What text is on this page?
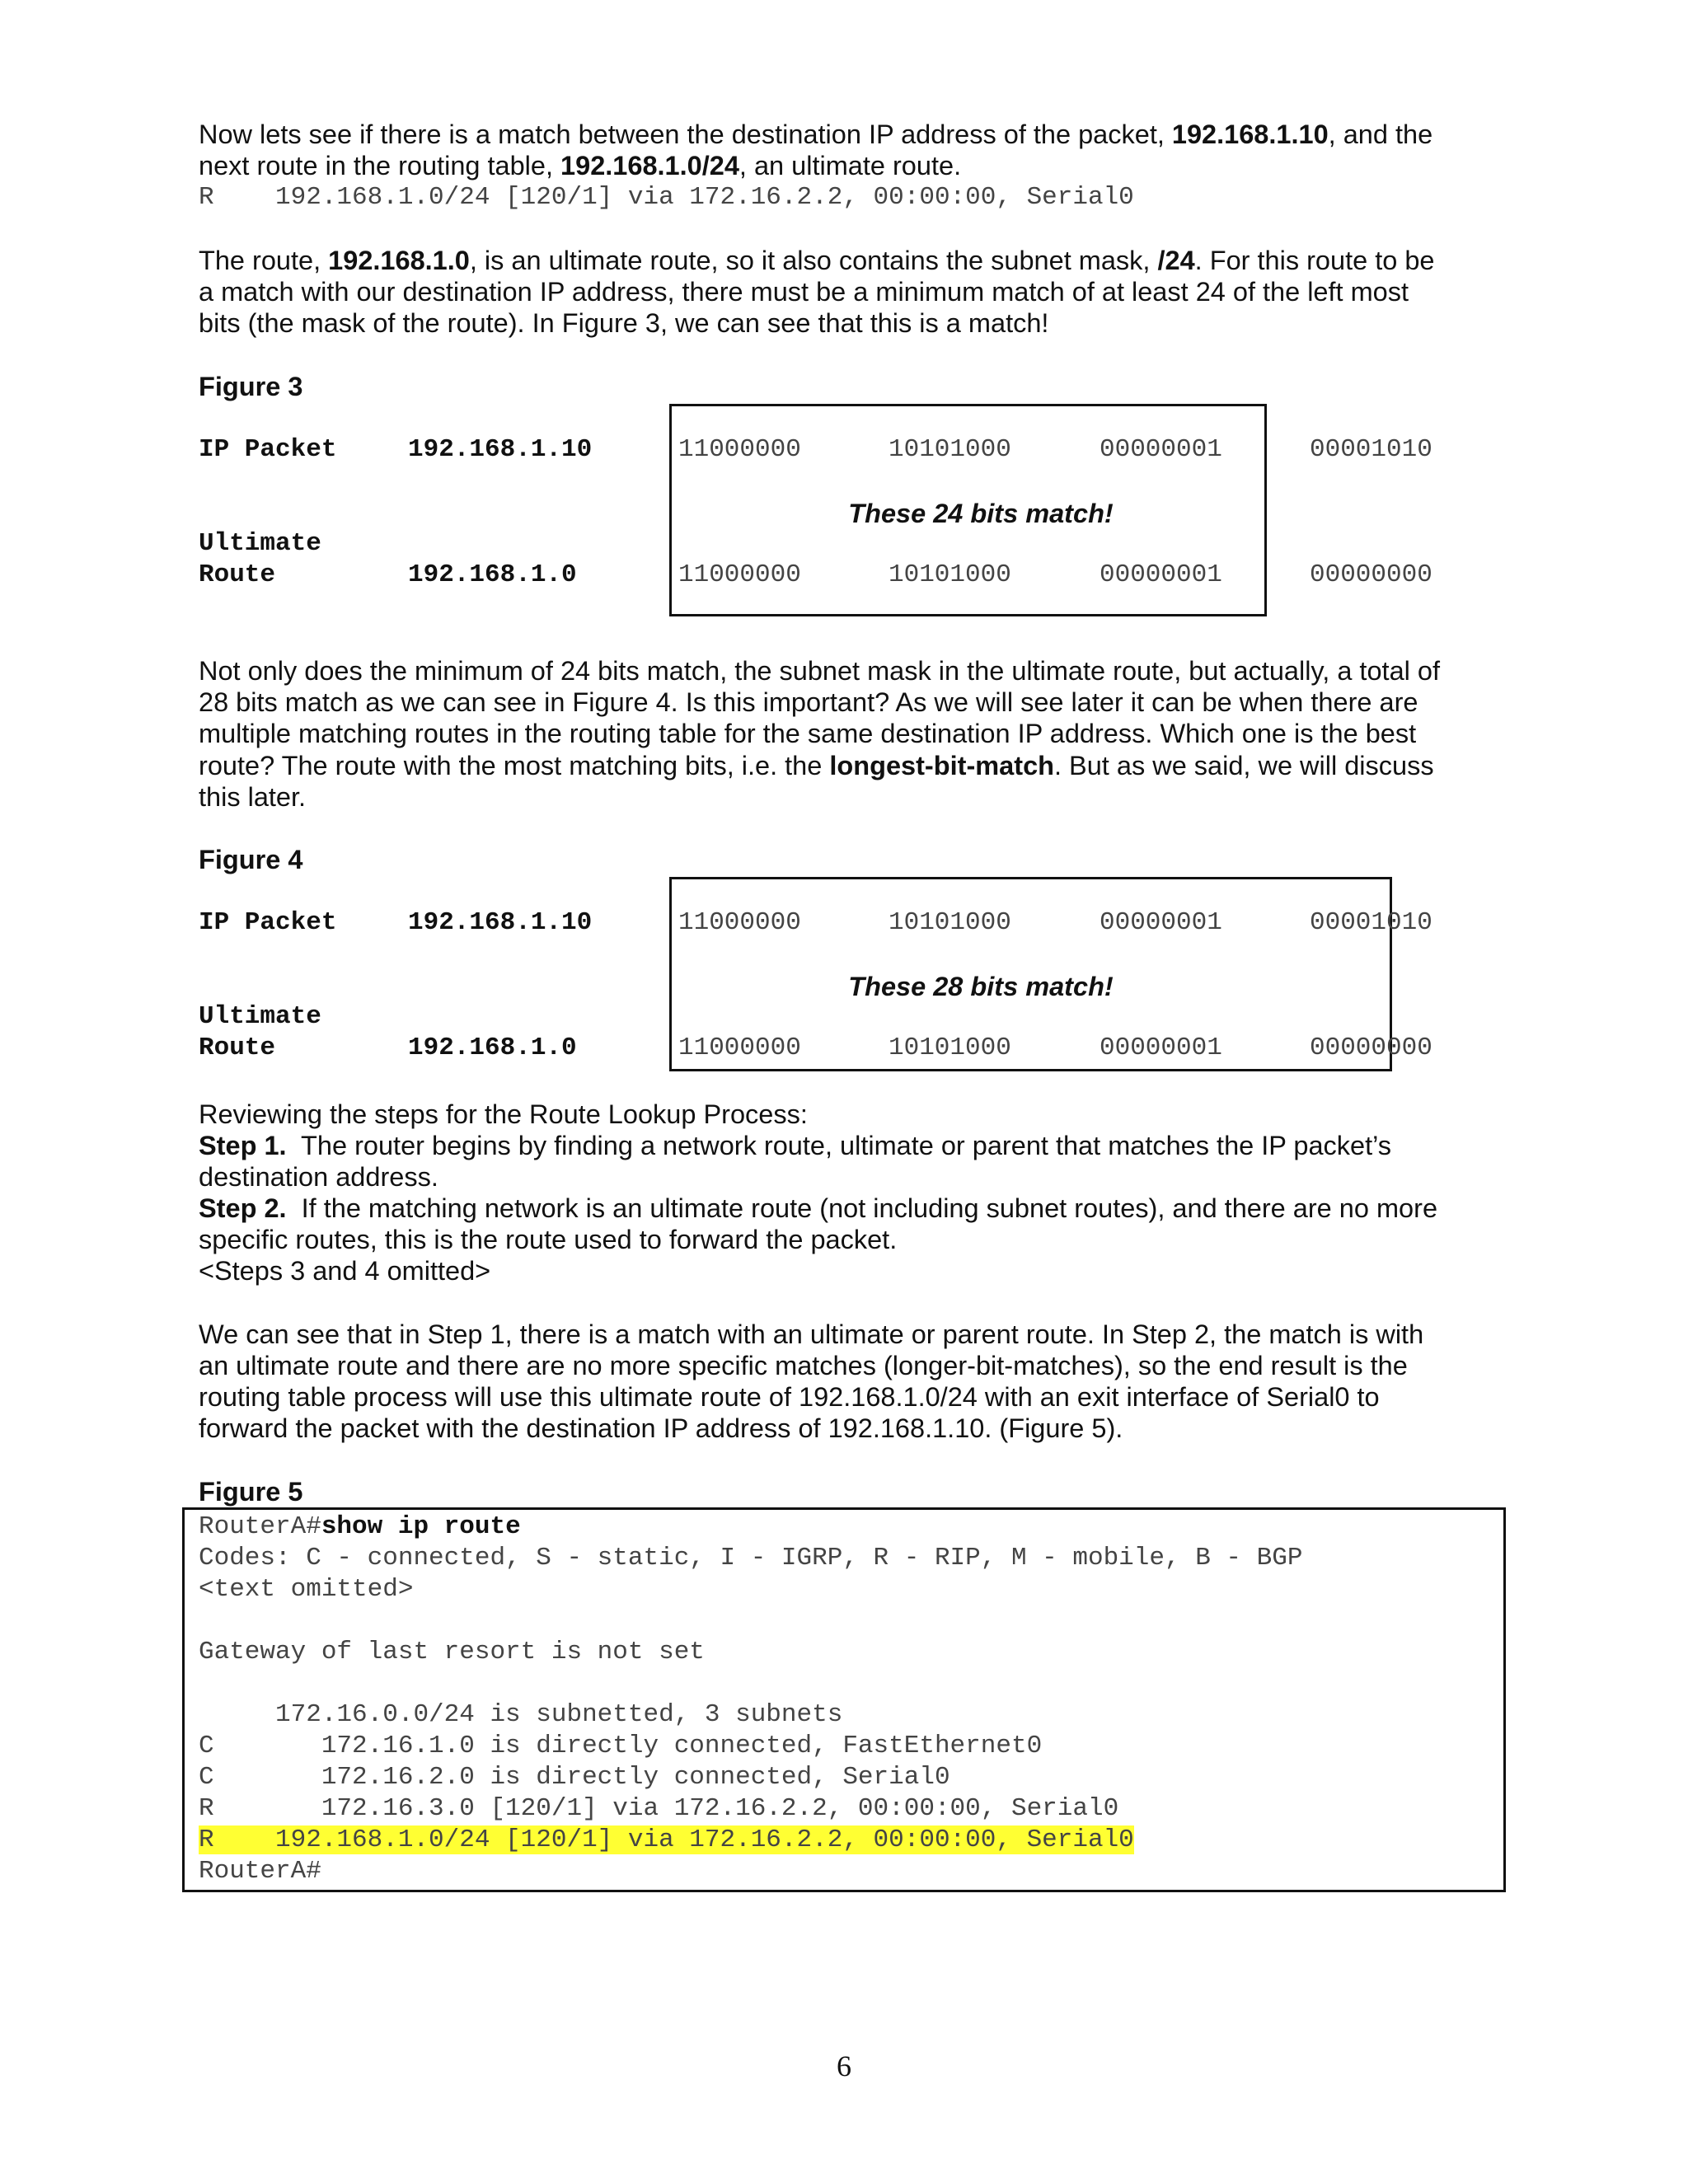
Now lets see if there is a match between the destination IP address of the packet, 192.168.1.10, and the
next route in the routing table, 192.168.1.0/24, an ultimate route.
R    192.168.1.0/24 [120/1] via 172.16.2.2, 00:00:00, Serial0
The route, 192.168.1.0, is an ultimate route, so it also contains the subnet mask, /24. For this route to be
a match with our destination IP address, there must be a minimum match of at least 24 of the left most
bits (the mask of the route). In Figure 3, we can see that this is a match!
Figure 3
IP Packet	192.168.1.10	11000000	10101000	00000001	00001010
These 24 bits match!
Ultimate
Route	192.168.1.0	11000000	10101000	00000001	00000000
Not only does the minimum of 24 bits match, the subnet mask in the ultimate route, but actually, a total of
28 bits match as we can see in Figure 4. Is this important? As we will see later it can be when there are
multiple matching routes in the routing table for the same destination IP address. Which one is the best
route? The route with the most matching bits, i.e. the longest-bit-match. But as we said, we will discuss
this later.
Figure 4
IP Packet	192.168.1.10	11000000	10101000	00000001	00001010
These 28 bits match!
Ultimate
Route	192.168.1.0	11000000	10101000	00000001	00000000
Reviewing the steps for the Route Lookup Process:
Step 1.  The router begins by finding a network route, ultimate or parent that matches the IP packet’s
destination address.
Step 2.  If the matching network is an ultimate route (not including subnet routes), and there are no more
specific routes, this is the route used to forward the packet.
<Steps 3 and 4 omitted>
We can see that in Step 1, there is a match with an ultimate or parent route. In Step 2, the match is with
an ultimate route and there are no more specific matches (longer-bit-matches), so the end result is the
routing table process will use this ultimate route of 192.168.1.0/24 with an exit interface of Serial0 to
forward the packet with the destination IP address of 192.168.1.10. (Figure 5).
Figure 5
RouterA#show ip route
Codes: C - connected, S - static, I - IGRP, R - RIP, M - mobile, B - BGP
<text omitted>
Gateway of last resort is not set
172.16.0.0/24 is subnetted, 3 subnets
C       172.16.1.0 is directly connected, FastEthernet0
C       172.16.2.0 is directly connected, Serial0
R       172.16.3.0 [120/1] via 172.16.2.2, 00:00:00, Serial0
R    192.168.1.0/24 [120/1] via 172.16.2.2, 00:00:00, Serial0
RouterA#
6
